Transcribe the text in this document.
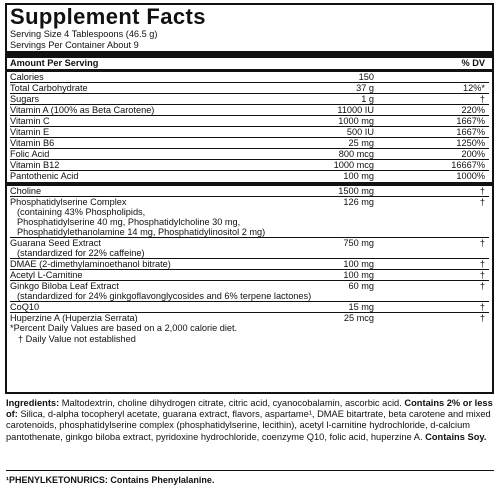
Supplement Facts
Serving Size 4 Tablespoons (46.5 g)
Servings Per Container About 9
Amount Per Serving	% DV
Calories	150
Total Carbohydrate	37 g	12%*
Sugars	1 g	†
Vitamin A (100% as Beta Carotene)	11000 IU	220%
Vitamin C	1000 mg	1667%
Vitamin E	500 IU	1667%
Vitamin B6	25 mg	1250%
Folic Acid	800 mcg	200%
Vitamin B12	1000 mcg	16667%
Pantothenic Acid	100 mg	1000%
Choline	1500 mg	†
Phosphatidylserine Complex	126 mg	†
(containing 43% Phospholipids,
Phosphatidylserine 40 mg, Phosphatidylcholine 30 mg,
Phosphatidylethanolamine 14 mg, Phosphatidylinositol 2 mg)
Guarana Seed Extract	750 mg	†
(standardized for 22% caffeine)
DMAE (2-dimethylaminoethanol bitrate)	100 mg	†
Acetyl L-Carnitine	100 mg	†
Ginkgo Biloba Leaf Extract	60 mg	†
(standardized for 24% ginkgoflavonglycosides and 6% terpene lactones)
CoQ10	15 mg	†
Huperzine A (Huperzia Serrata)	25 mcg	†
*Percent Daily Values are based on a 2,000 calorie diet.
† Daily Value not established
Ingredients: Maltodextrin, choline dihydrogen citrate, citric acid, cyanocobalamin, ascorbic acid. Contains 2% or less of: Silica, d-alpha tocopheryl acetate, guarana extract, flavors, aspartame¹, DMAE bitartrate, beta carotene and mixed carotenoids, phosphatidylserine complex (phosphatidylserine, lecithin), acetyl l-carnitine hydrochloride, d-calcium pantothenate, ginkgo biloba extract, pyridoxine hydrochloride, coenzyme Q10, folic acid, huperzine A. Contains Soy.
¹PHENYLKETONURICS: Contains Phenylalanine.
